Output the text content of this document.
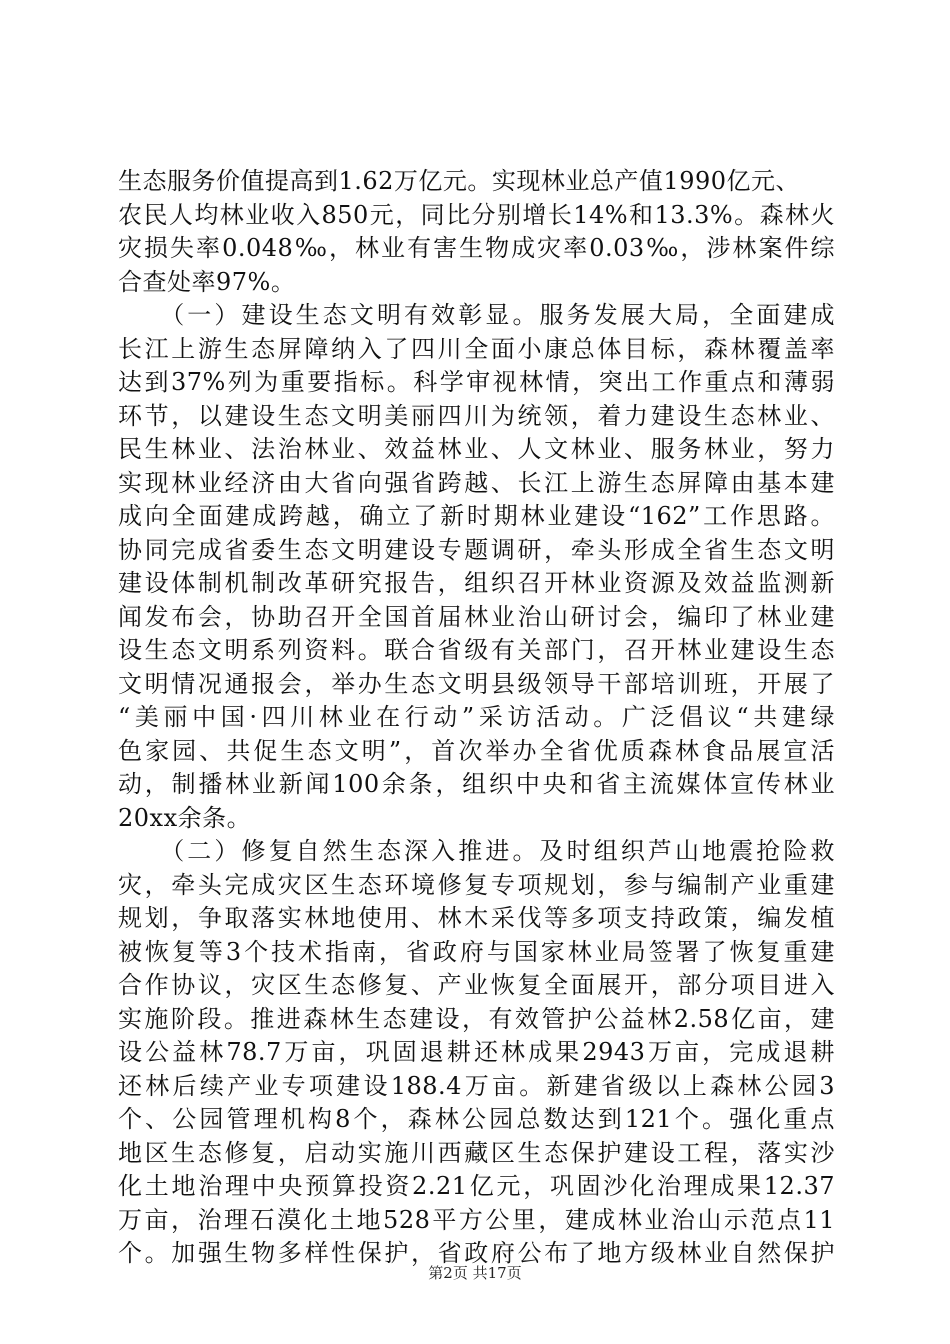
生态服务价值提高到1.62万亿元。实现林业总产值1990亿元、
农民人均林业收入850元，同比分别增长14%和13.3%。森林火
灾损失率0.048‰，林业有害生物成灾率0.03‰，涉林案件综
合查处率97%。
　　（一）建设生态文明有效彰显。服务发展大局，全面建成
长江上游生态屏障纳入了四川全面小康总体目标，森林覆盖率
达到37%列为重要指标。科学审视林情，突出工作重点和薄弱
环节，以建设生态文明美丽四川为统领，着力建设生态林业、
民生林业、法治林业、效益林业、人文林业、服务林业，努力
实现林业经济由大省向强省跨越、长江上游生态屏障由基本建
成向全面建成跨越，确立了新时期林业建设“162”工作思路。
协同完成省委生态文明建设专题调研，牵头形成全省生态文明
建设体制机制改革研究报告，组织召开林业资源及效益监测新
闻发布会，协助召开全国首届林业治山研讨会，编印了林业建
设生态文明系列资料。联合省级有关部门，召开林业建设生态
文明情况通报会，举办生态文明县级领导干部培训班，开展了
“美丽中国·四川林业在行动”采访活动。广泛倡议“共建绿
色家园、共促生态文明”，首次举办全省优质森林食品展宣活
动，制播林业新闻100余条，组织中央和省主流媒体宣传林业
20xx余条。
　　（二）修复自然生态深入推进。及时组织芦山地震抢险救
灾，牵头完成灾区生态环境修复专项规划，参与编制产业重建
规划，争取落实林地使用、林木采伐等多项支持政策，编发植
被恢复等3个技术指南，省政府与国家林业局签署了恢复重建
合作协议，灾区生态修复、产业恢复全面展开，部分项目进入
实施阶段。推进森林生态建设，有效管护公益林2.58亿亩，建
设公益林78.7万亩，巩固退耕还林成果2943万亩，完成退耕
还林后续产业专项建设188.4万亩。新建省级以上森林公园3
个、公园管理机构8个，森林公园总数达到121个。强化重点
地区生态修复，启动实施川西藏区生态保护建设工程，落实沙
化土地治理中央预算投资2.21亿元，巩固沙化治理成果12.37
万亩，治理石漠化土地528平方公里，建成林业治山示范点11
个。加强生物多样性保护，省政府公布了地方级林业自然保护
第2页 共17页
